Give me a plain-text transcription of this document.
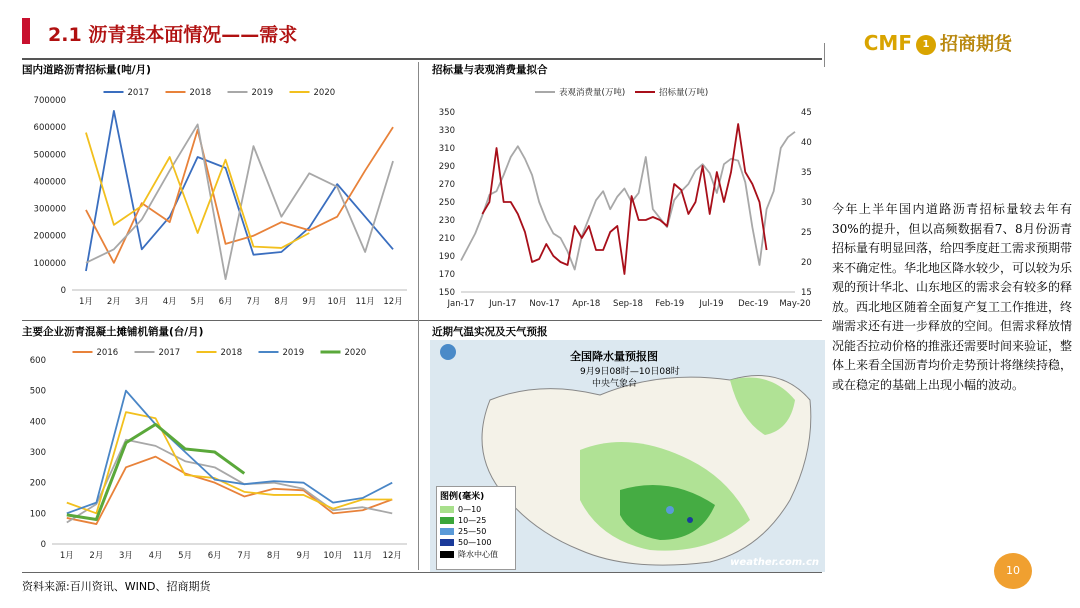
2.1 沥青基本面情况——需求	CMF 1 招商期货
国内道路沥青招标量(吨/月)	招标量与表观消费量拟合
主要企业沥青混凝土摊铺机销量(台/月)	近期气温实况及天气预报
0
100000
200000
300000
400000
500000
600000
700000
1月 2月 3月 4月 5月 6月 7月 8月 9月 10月 11月 12月
2017	2018	2019	2020
150
170
190
210
230
250
270
290
310
330
350
15
20
25
30
35
40
45
Jan-17 Jun-17 Nov-17 Apr-18 Sep-18 Feb-19 Jul-19 Dec-19 May-20
表观消费量(万吨)	招标量(万吨)
0
100
200
300
400
500
600
1月 2月 3月 4月 5月 6月 7月 8月 9月 10月 11月 12月
2016	2017	2018	2019	2020	全国降水量预报图
9月9日08时—10日08时
中央气象台
图例(毫米)
0—10
10—25
25—50
50—100
降水中心值
weather.com.cn
今年上半年国内道路沥青招标量较去年有30%的提升，但以高频数据看7、8月份沥青招标量有明显回落，给四季度赶工需求预期带来不确定性。华北地区降水较少，可以较为乐观的预计华北、山东地区的需求会有较多的释放。西北地区随着全面复产复工工作推进，终端需求还有进一步释放的空间。但需求释放情况能否拉动价格的推涨还需要时间来验证，整体上来看全国沥青均价走势预计将继续持稳，或在稳定的基础上出现小幅的波动。
资料来源:百川资讯、WIND、招商期货
10
